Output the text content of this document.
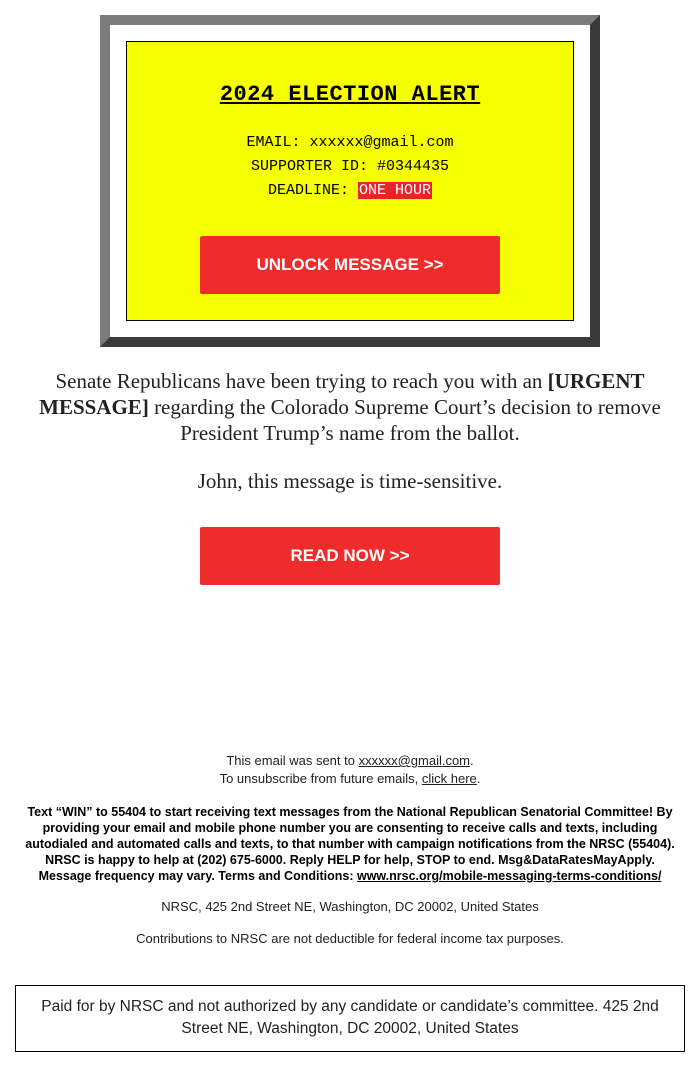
2024 ELECTION ALERT
EMAIL: xxxxxx@gmail.com
SUPPORTER ID: #0344435
DEADLINE: ONE HOUR
UNLOCK MESSAGE >>

Senate Republicans have been trying to reach you with an [URGENT MESSAGE] regarding the Colorado Supreme Court’s decision to remove President Trump’s name from the ballot.

John, this message is time-sensitive.

READ NOW >>
This email was sent to xxxxxx@gmail.com.
To unsubscribe from future emails, click here.
Text “WIN” to 55404 to start receiving text messages from the National Republican Senatorial Committee! By providing your email and mobile phone number you are consenting to receive calls and texts, including autodialed and automated calls and texts, to that number with campaign notifications from the NRSC (55404). NRSC is happy to help at (202) 675-6000. Reply HELP for help, STOP to end. Msg&DataRatesMayApply. Message frequency may vary. Terms and Conditions: www.nrsc.org/mobile-messaging-terms-conditions/
NRSC, 425 2nd Street NE, Washington, DC 20002, United States
Contributions to NRSC are not deductible for federal income tax purposes.
Paid for by NRSC and not authorized by any candidate or candidate’s committee. 425 2nd Street NE, Washington, DC 20002, United States
